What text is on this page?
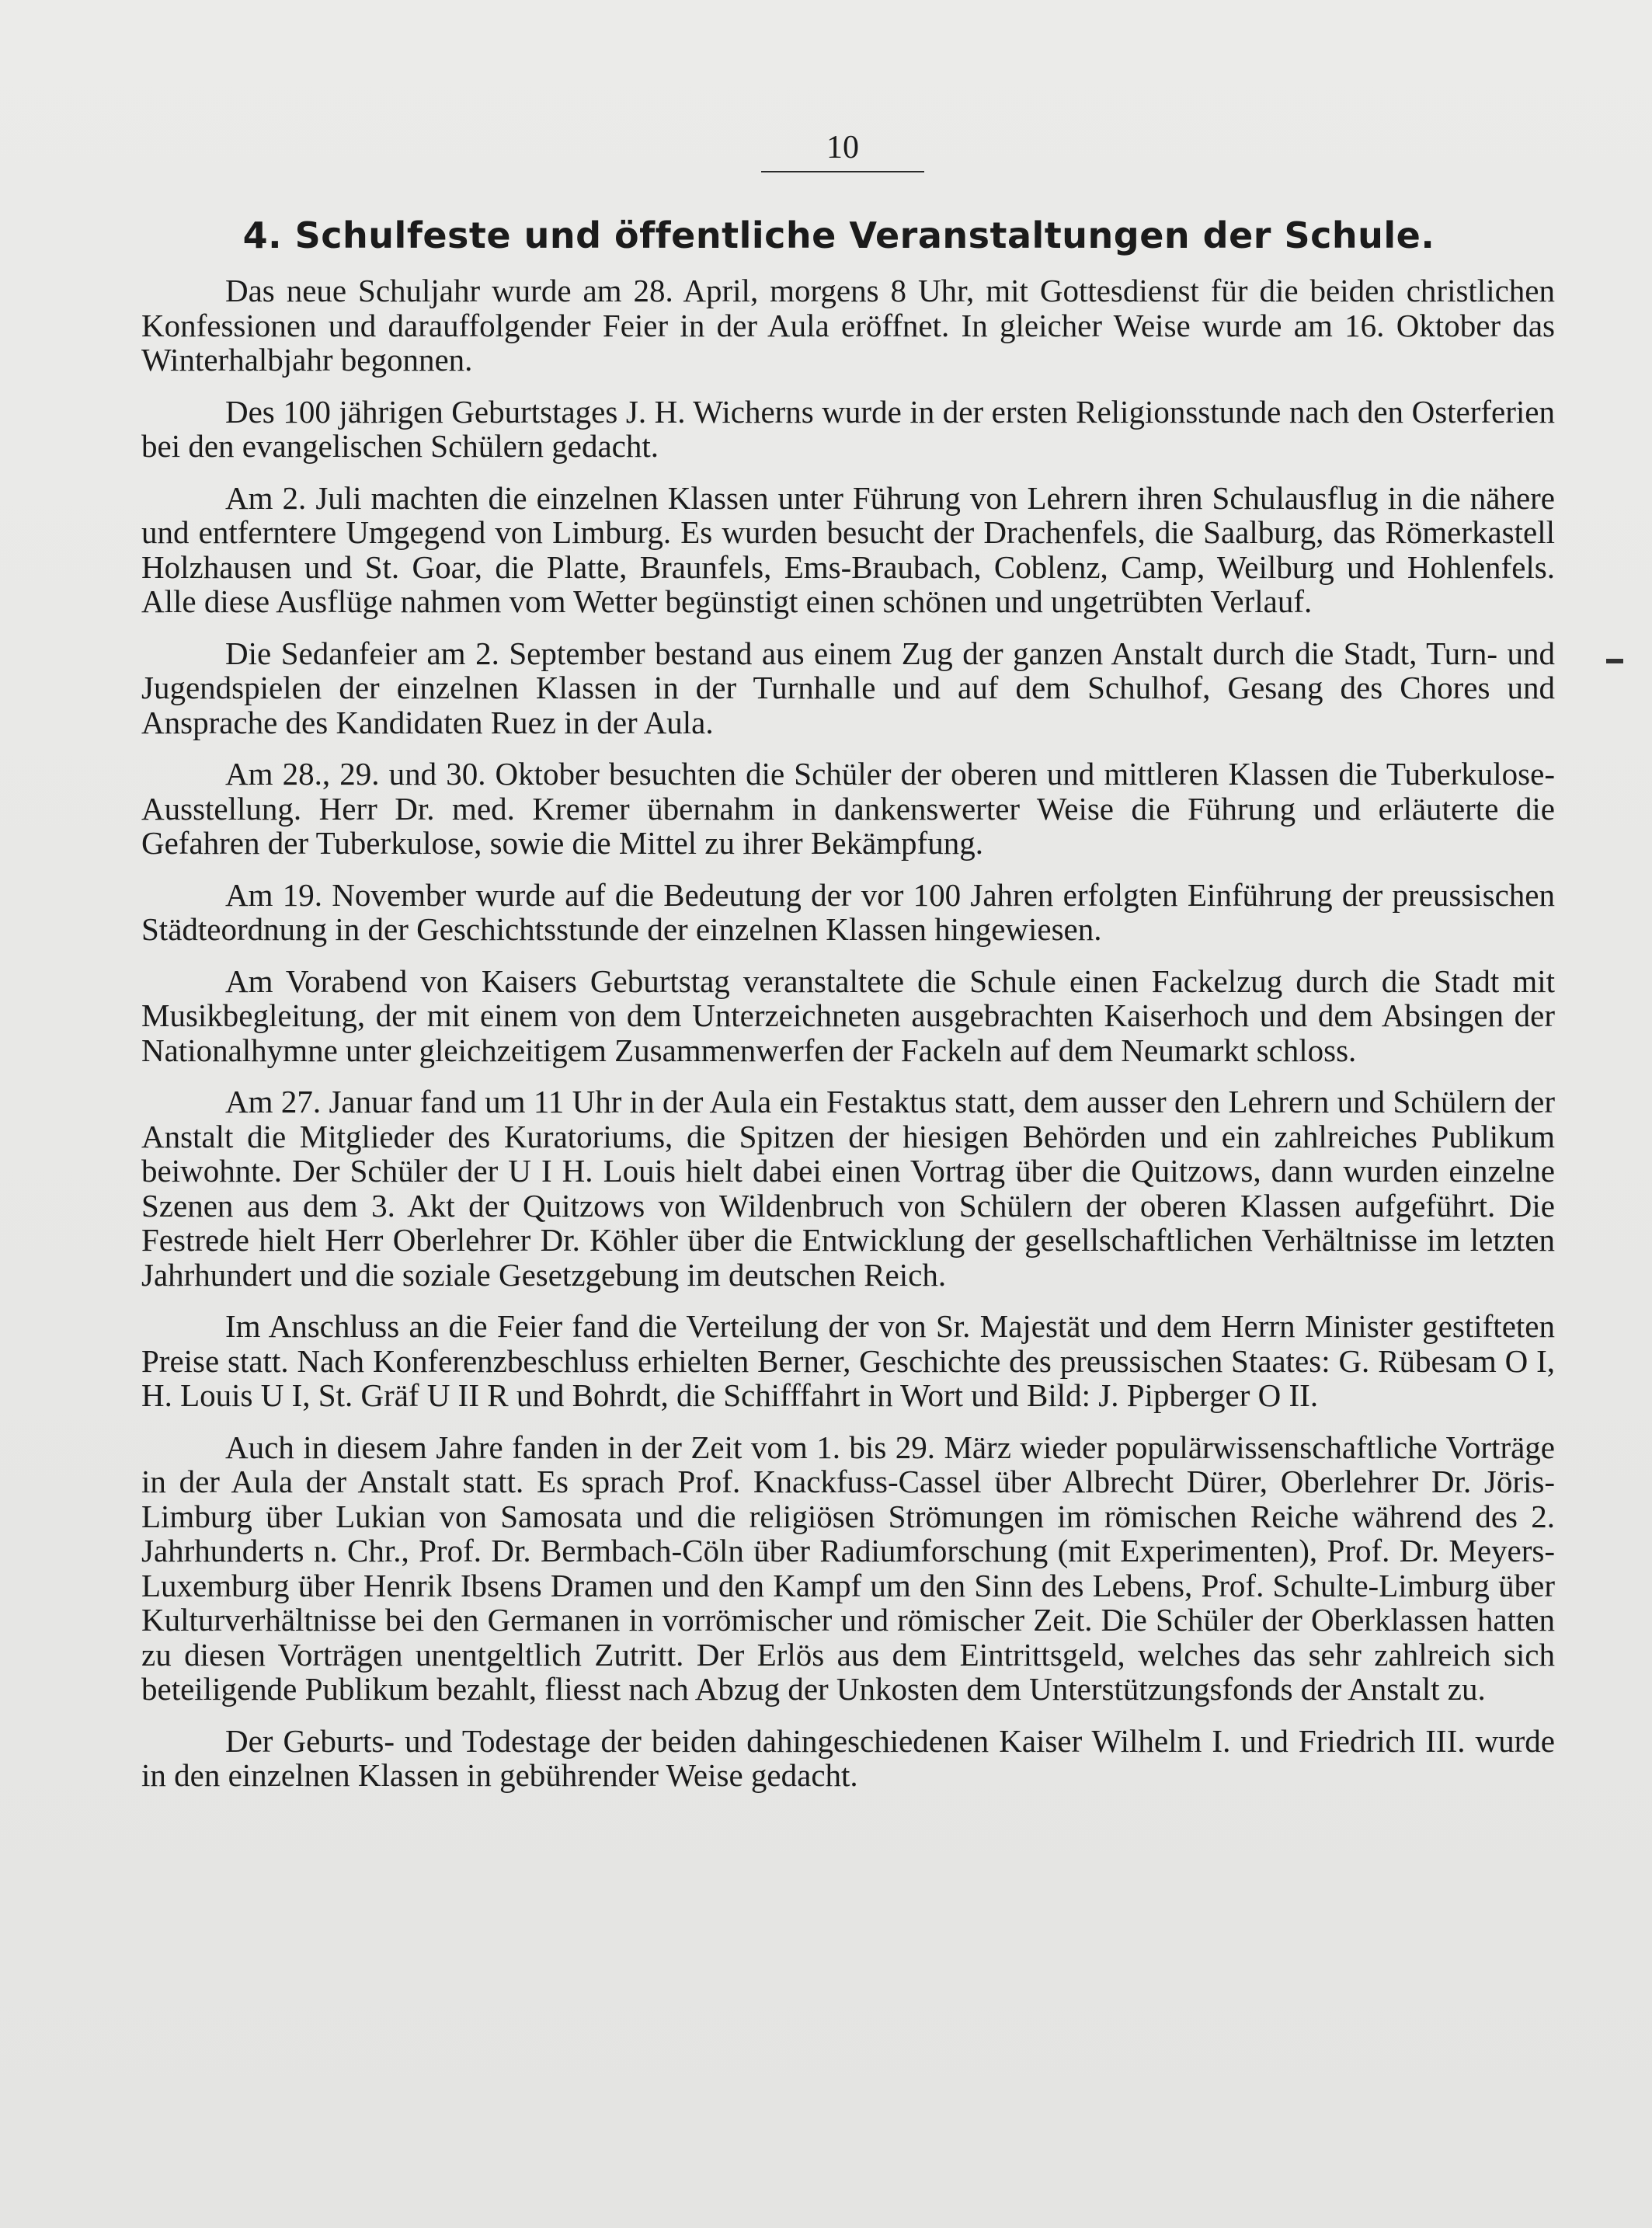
10
4. Schulfeste und öffentliche Veranstaltungen der Schule.

Das neue Schuljahr wurde am 28. April, morgens 8 Uhr, mit Gottesdienst für die beiden christlichen Konfessionen und darauffolgender Feier in der Aula eröffnet. In gleicher Weise wurde am 16. Oktober das Winterhalbjahr begonnen.

Des 100 jährigen Geburtstages J. H. Wicherns wurde in der ersten Religionsstunde nach den Osterferien bei den evangelischen Schülern gedacht.

Am 2. Juli machten die einzelnen Klassen unter Führung von Lehrern ihren Schulausflug in die nähere und entferntere Umgegend von Limburg. Es wurden besucht der Drachenfels, die Saalburg, das Römerkastell Holzhausen und St. Goar, die Platte, Braunfels, Ems-Braubach, Coblenz, Camp, Weilburg und Hohlenfels. Alle diese Ausflüge nahmen vom Wetter begünstigt einen schönen und ungetrübten Verlauf.

Die Sedanfeier am 2. September bestand aus einem Zug der ganzen Anstalt durch die Stadt, Turn- und Jugendspielen der einzelnen Klassen in der Turnhalle und auf dem Schulhof, Gesang des Chores und Ansprache des Kandidaten Ruez in der Aula.

Am 28., 29. und 30. Oktober besuchten die Schüler der oberen und mittleren Klassen die Tuberkulose-Ausstellung. Herr Dr. med. Kremer übernahm in dankenswerter Weise die Führung und erläuterte die Gefahren der Tuberkulose, sowie die Mittel zu ihrer Bekämpfung.

Am 19. November wurde auf die Bedeutung der vor 100 Jahren erfolgten Einführung der preussischen Städteordnung in der Geschichtsstunde der einzelnen Klassen hingewiesen.

Am Vorabend von Kaisers Geburtstag veranstaltete die Schule einen Fackelzug durch die Stadt mit Musikbegleitung, der mit einem von dem Unterzeichneten ausgebrachten Kaiserhoch und dem Absingen der Nationalhymne unter gleichzeitigem Zusammenwerfen der Fackeln auf dem Neumarkt schloss.

Am 27. Januar fand um 11 Uhr in der Aula ein Festaktus statt, dem ausser den Lehrern und Schülern der Anstalt die Mitglieder des Kuratoriums, die Spitzen der hiesigen Behörden und ein zahlreiches Publikum beiwohnte. Der Schüler der U I H. Louis hielt dabei einen Vortrag über die Quitzows, dann wurden einzelne Szenen aus dem 3. Akt der Quitzows von Wildenbruch von Schülern der oberen Klassen aufgeführt. Die Festrede hielt Herr Oberlehrer Dr. Köhler über die Entwicklung der gesellschaftlichen Verhältnisse im letzten Jahrhundert und die soziale Gesetzgebung im deutschen Reich.

Im Anschluss an die Feier fand die Verteilung der von Sr. Majestät und dem Herrn Minister gestifteten Preise statt. Nach Konferenzbeschluss erhielten Berner, Geschichte des preussischen Staates: G. Rübesam O I, H. Louis U I, St. Gräf U II R und Bohrdt, die Schifffahrt in Wort und Bild: J. Pipberger O II.

Auch in diesem Jahre fanden in der Zeit vom 1. bis 29. März wieder populärwissenschaftliche Vorträge in der Aula der Anstalt statt. Es sprach Prof. Knackfuss-Cassel über Albrecht Dürer, Oberlehrer Dr. Jöris-Limburg über Lukian von Samosata und die religiösen Strömungen im römischen Reiche während des 2. Jahrhunderts n. Chr., Prof. Dr. Bermbach-Cöln über Radiumforschung (mit Experimenten), Prof. Dr. Meyers-Luxemburg über Henrik Ibsens Dramen und den Kampf um den Sinn des Lebens, Prof. Schulte-Limburg über Kulturverhältnisse bei den Germanen in vorrömischer und römischer Zeit. Die Schüler der Oberklassen hatten zu diesen Vorträgen unentgeltlich Zutritt. Der Erlös aus dem Eintrittsgeld, welches das sehr zahlreich sich beteiligende Publikum bezahlt, fliesst nach Abzug der Unkosten dem Unterstützungsfonds der Anstalt zu.

Der Geburts- und Todestage der beiden dahingeschiedenen Kaiser Wilhelm I. und Friedrich III. wurde in den einzelnen Klassen in gebührender Weise gedacht.
